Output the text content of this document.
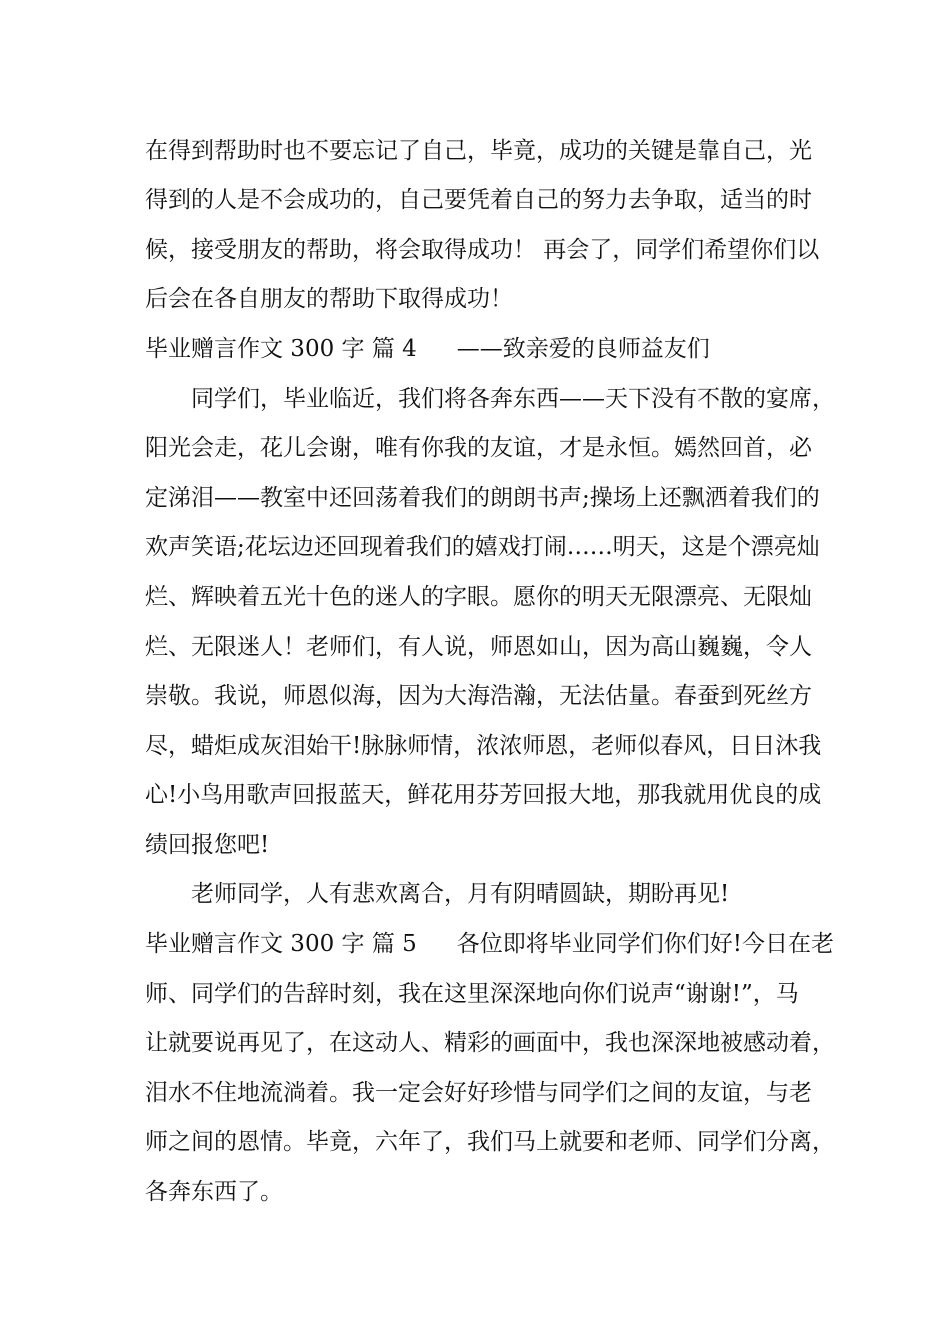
在得到帮助时也不要忘记了自己，毕竟，成功的关键是靠自己，光
得到的人是不会成功的，自己要凭着自己的努力去争取，适当的时
候，接受朋友的帮助，将会取得成功！ 再会了，同学们希望你们以
后会在各自朋友的帮助下取得成功！
毕业赠言作文 300 字 篇 4 ——致亲爱的良师益友们
同学们，毕业临近，我们将各奔东西——天下没有不散的宴席，
阳光会走，花儿会谢，唯有你我的友谊，才是永恒。嫣然回首，必
定涕泪——教室中还回荡着我们的朗朗书声;操场上还飘洒着我们的
欢声笑语;花坛边还回现着我们的嬉戏打闹……明天，这是个漂亮灿
烂、辉映着五光十色的迷人的字眼。愿你的明天无限漂亮、无限灿
烂、无限迷人！老师们，有人说，师恩如山，因为高山巍巍，令人
崇敬。我说，师恩似海，因为大海浩瀚，无法估量。春蚕到死丝方
尽，蜡炬成灰泪始干!脉脉师情，浓浓师恩，老师似春风，日日沐我
心!小鸟用歌声回报蓝天，鲜花用芬芳回报大地，那我就用优良的成
绩回报您吧!
老师同学，人有悲欢离合，月有阴晴圆缺，期盼再见!
毕业赠言作文 300 字 篇 5 各位即将毕业同学们你们好!今日在老
师、同学们的告辞时刻，我在这里深深地向你们说声“谢谢!”，马
让就要说再见了，在这动人、精彩的画面中，我也深深地被感动着，
泪水不住地流淌着。我一定会好好珍惜与同学们之间的友谊，与老
师之间的恩情。毕竟，六年了，我们马上就要和老师、同学们分离，
各奔东西了。
